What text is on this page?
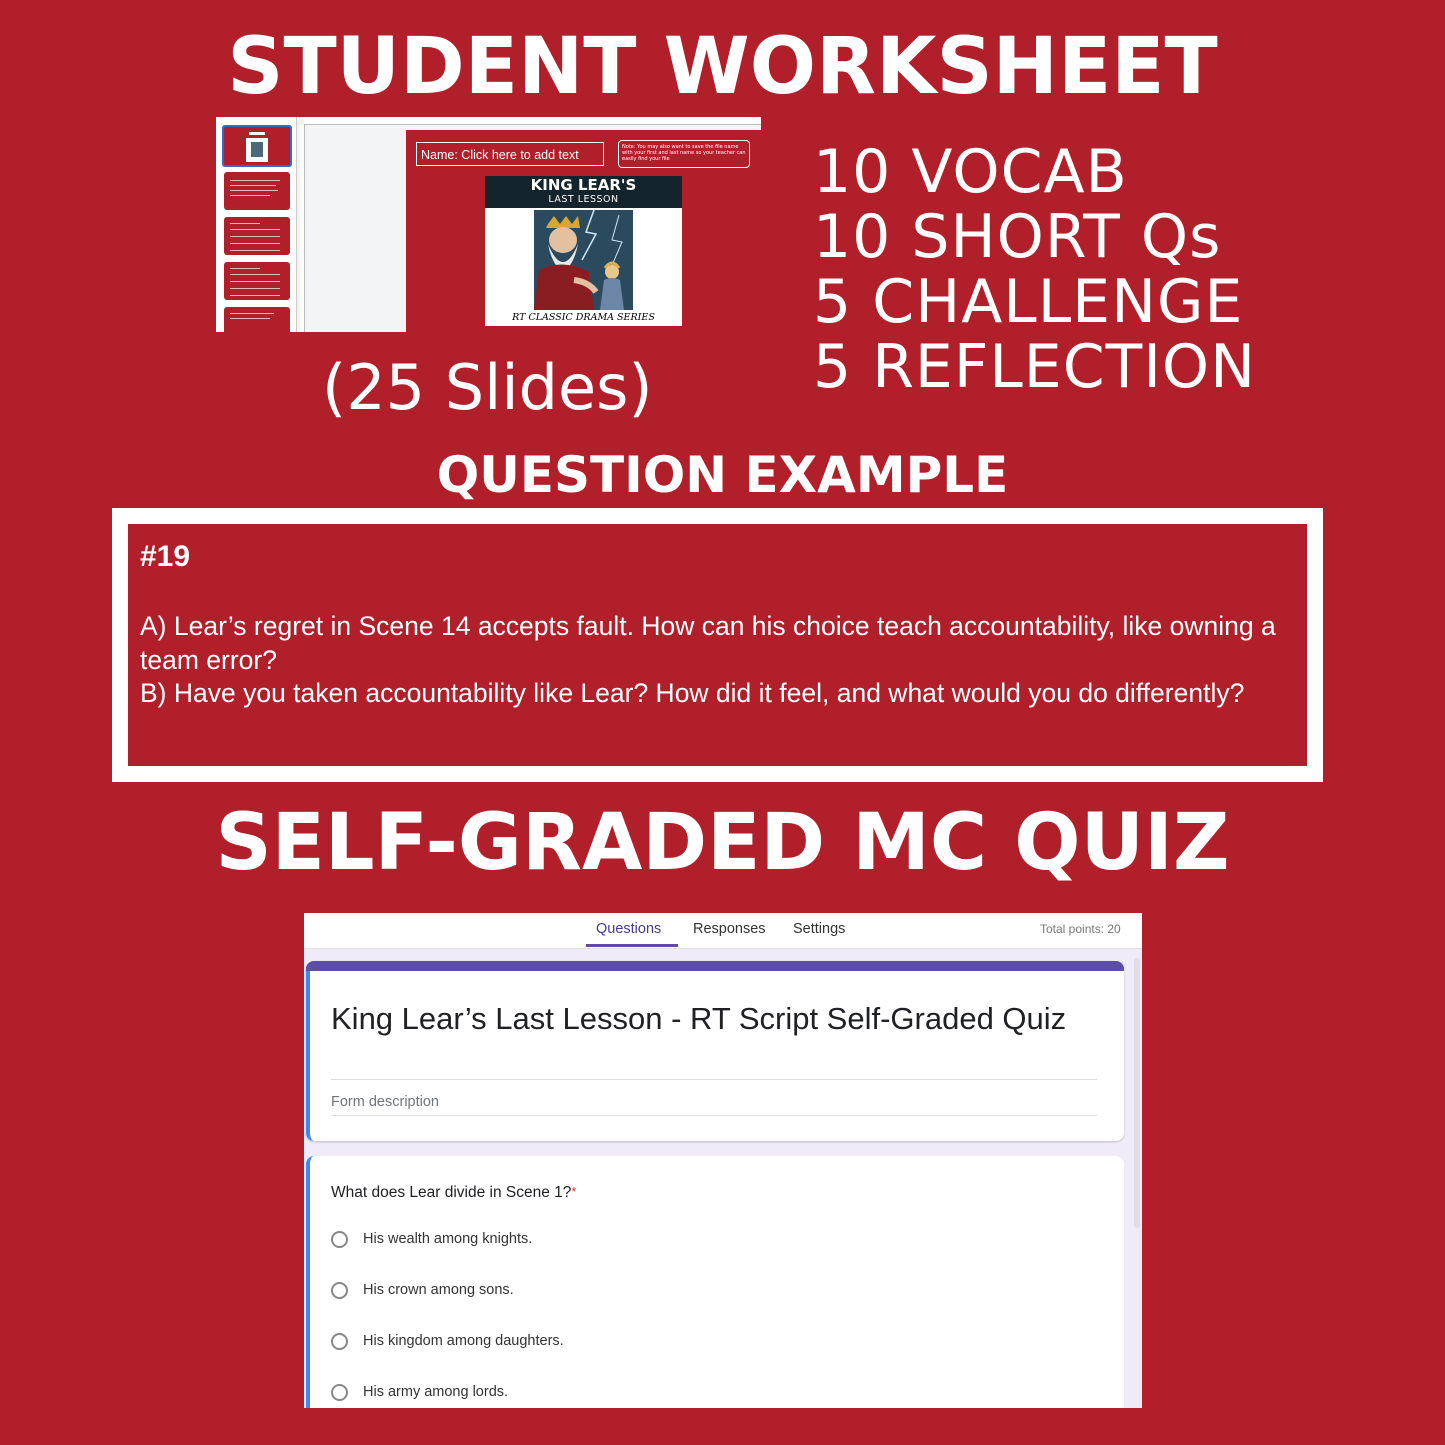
STUDENT WORKSHEET
Name: Click here to add text
Note: You may also want to save the file name with your first and last name so your teacher can easily find your file
KING LEAR'S
LAST LESSON
RT CLASSIC DRAMA SERIES
(25 Slides)
10 VOCAB
10 SHORT Qs
5 CHALLENGE
5 REFLECTION
QUESTION EXAMPLE
#19
A) Lear’s regret in Scene 14 accepts fault. How can his choice teach accountability, like owning a team error?
B) Have you taken accountability like Lear? How did it feel, and what would you do differently?
SELF-GRADED MC QUIZ
Questions Responses Settings	Total points: 20
King Lear’s Last Lesson - RT Script Self-Graded Quiz
Form description
What does Lear divide in Scene 1?*
His wealth among knights.
His crown among sons.
His kingdom among daughters.
His army among lords.
